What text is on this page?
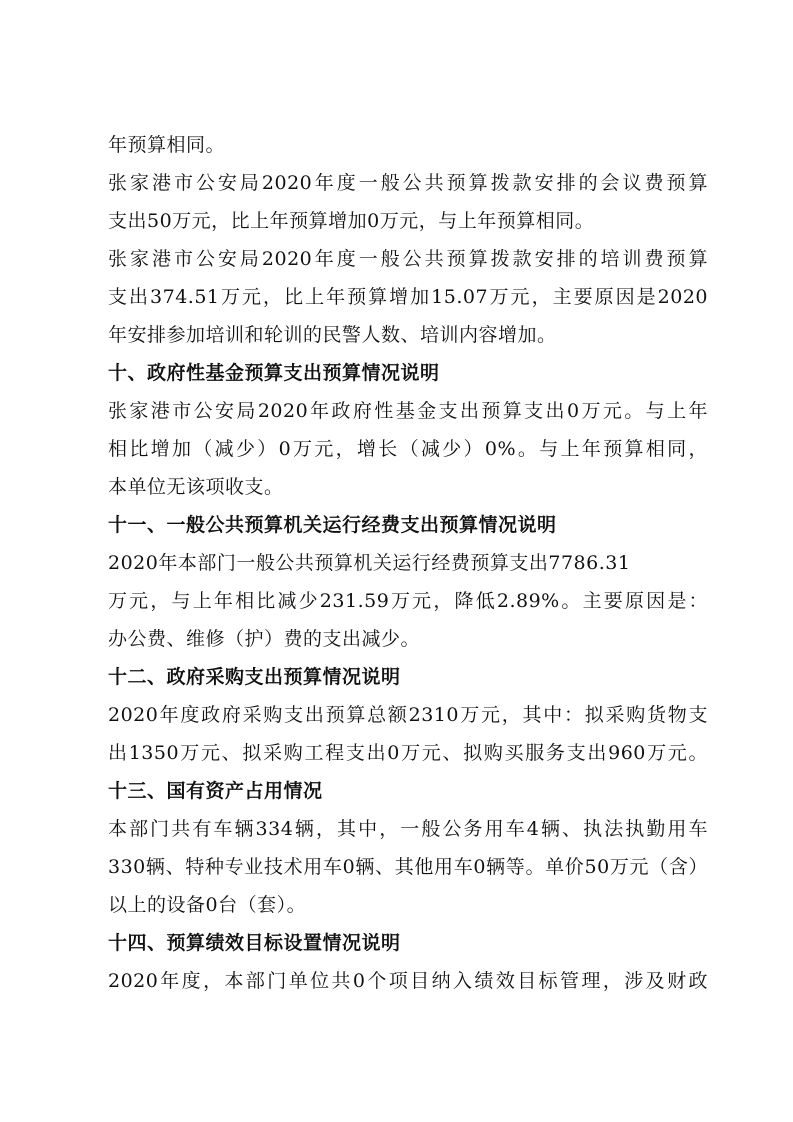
年预算相同。
张家港市公安局2020年度一般公共预算拨款安排的会议费预算
支出50万元，比上年预算增加0万元，与上年预算相同。
张家港市公安局2020年度一般公共预算拨款安排的培训费预算
支出374.51万元，比上年预算增加15.07万元，主要原因是2020
年安排参加培训和轮训的民警人数、培训内容增加。
十、政府性基金预算支出预算情况说明
张家港市公安局2020年政府性基金支出预算支出0万元。与上年
相比增加（减少）0万元，增长（减少）0%。与上年预算相同，
本单位无该项收支。
十一、一般公共预算机关运行经费支出预算情况说明
2020年本部门一般公共预算机关运行经费预算支出7786.31
万元，与上年相比减少231.59万元，降低2.89%。主要原因是：
办公费、维修（护）费的支出减少。
十二、政府采购支出预算情况说明
2020年度政府采购支出预算总额2310万元，其中：拟采购货物支
出1350万元、拟采购工程支出0万元、拟购买服务支出960万元。
十三、国有资产占用情况
本部门共有车辆334辆，其中，一般公务用车4辆、执法执勤用车
330辆、特种专业技术用车0辆、其他用车0辆等。单价50万元（含）
以上的设备0台（套）。
十四、预算绩效目标设置情况说明
2020年度，本部门单位共0个项目纳入绩效目标管理，涉及财政
